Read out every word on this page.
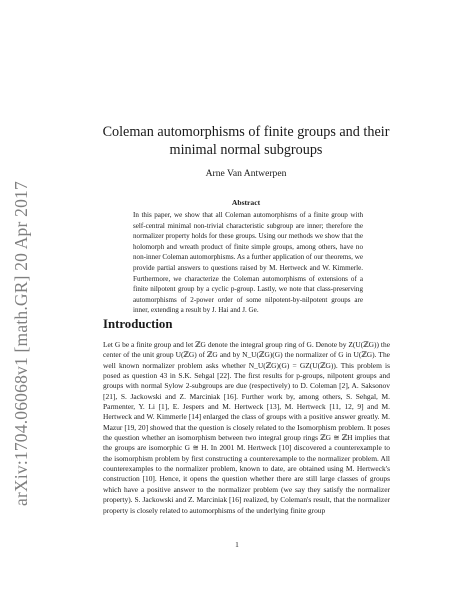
arXiv:1704.06068v1 [math.GR] 20 Apr 2017
Coleman automorphisms of finite groups and their minimal normal subgroups

Arne Van Antwerpen

Abstract

In this paper, we show that all Coleman automorphisms of a finite group with self-central minimal non-trivial characteristic subgroup are inner; therefore the normalizer property holds for these groups. Using our methods we show that the holomorph and wreath product of finite simple groups, among others, have no non-inner Coleman automorphisms. As a further application of our theorems, we provide partial answers to questions raised by M. Hertweck and W. Kimmerle. Furthermore, we characterize the Coleman automorphisms of extensions of a finite nilpotent group by a cyclic p-group. Lastly, we note that class-preserving automorphisms of 2-power order of some nilpotent-by-nilpotent groups are inner, extending a result by J. Hai and J. Ge.

Introduction

Let G be a finite group and let ℤG denote the integral group ring of G. Denote by Z(U(ℤG)) the center of the unit group U(ℤG) of ℤG and by N_U(ℤG)(G) the normalizer of G in U(ℤG). The well known normalizer problem asks whether N_U(ℤG)(G) = GZ(U(ℤG)). This problem is posed as question 43 in S.K. Sehgal [22]. The first results for p-groups, nilpotent groups and groups with normal Sylow 2-subgroups are due (respectively) to D. Coleman [2], A. Saksonov [21], S. Jackowski and Z. Marciniak [16]. Further work by, among others, S. Sehgal, M. Parmenter, Y. Li [1], E. Jespers and M. Hertweck [13], M. Hertweck [11, 12, 9] and M. Hertweck and W. Kimmerle [14] enlarged the class of groups with a positive answer greatly. M. Mazur [19, 20] showed that the question is closely related to the Isomorphism problem. It poses the question whether an isomorphism between two integral group rings ℤG ≅ ℤH implies that the groups are isomorphic G ≅ H. In 2001 M. Hertweck [10] discovered a counterexample to the isomorphism problem by first constructing a counterexample to the normalizer problem. All counterexamples to the normalizer problem, known to date, are obtained using M. Hertweck's construction [10]. Hence, it opens the question whether there are still large classes of groups which have a positive answer to the normalizer problem (we say they satisfy the normalizer property). S. Jackowski and Z. Marciniak [16] realized, by Coleman's result, that the normalizer property is closely related to automorphisms of the underlying finite group

1
